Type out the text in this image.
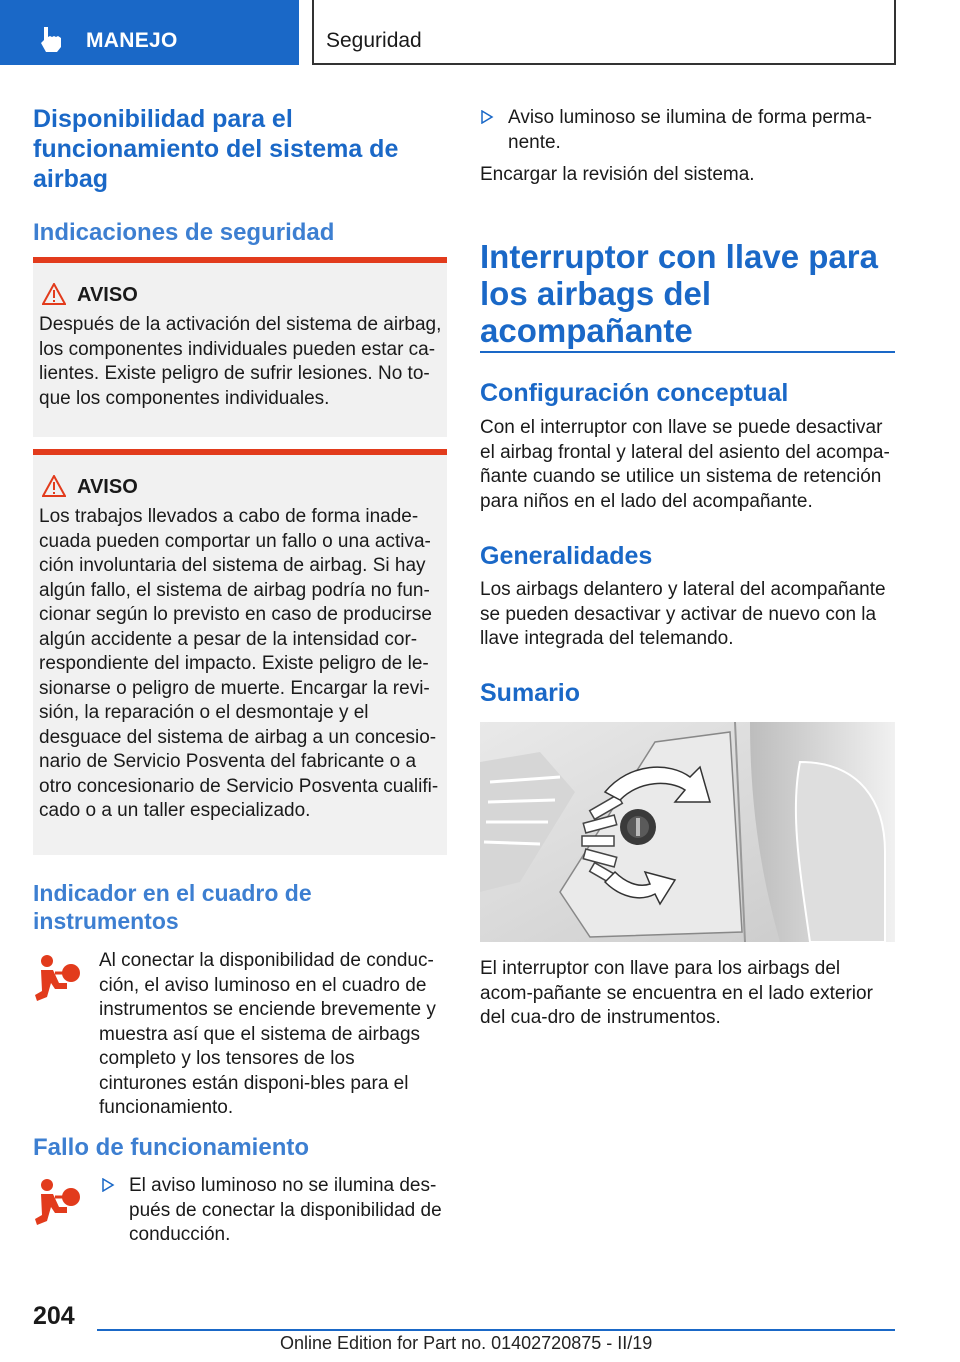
MANEJO	Seguridad
Disponibilidad para el funcionamiento del sistema de airbag
Indicaciones de seguridad
AVISO
Después de la activación del sistema de airbag, los componentes individuales pueden estar ca-lientes. Existe peligro de sufrir lesiones. No to-que los componentes individuales.
AVISO
Los trabajos llevados a cabo de forma inade-cuada pueden comportar un fallo o una activa-ción involuntaria del sistema de airbag. Si hay algún fallo, el sistema de airbag podría no fun-cionar según lo previsto en caso de producirse algún accidente a pesar de la intensidad cor-respondiente del impacto. Existe peligro de le-sionarse o peligro de muerte. Encargar la revi-sión, la reparación o el desmontaje y el desguace del sistema de airbag a un concesio-nario de Servicio Posventa del fabricante o a otro concesionario de Servicio Posventa cualifi-cado o a un taller especializado.
Indicador en el cuadro de instrumentos
Al conectar la disponibilidad de conduc-ción, el aviso luminoso en el cuadro de instrumentos se enciende brevemente y muestra así que el sistema de airbags completo y los tensores de los cinturones están disponi-bles para el funcionamiento.
Fallo de funcionamiento
El aviso luminoso no se ilumina des-pués de conectar la disponibilidad de conducción.
Aviso luminoso se ilumina de forma perma-nente.
Encargar la revisión del sistema.
Interruptor con llave para los airbags del acompañante
Configuración conceptual
Con el interruptor con llave se puede desactivar el airbag frontal y lateral del asiento del acompa-ñante cuando se utilice un sistema de retención para niños en el lado del acompañante.
Generalidades
Los airbags delantero y lateral del acompañante se pueden desactivar y activar de nuevo con la llave integrada del telemando.
Sumario
El interruptor con llave para los airbags del acom-pañante se encuentra en el lado exterior del cua-dro de instrumentos.
204
Online Edition for Part no. 01402720875 - II/19
